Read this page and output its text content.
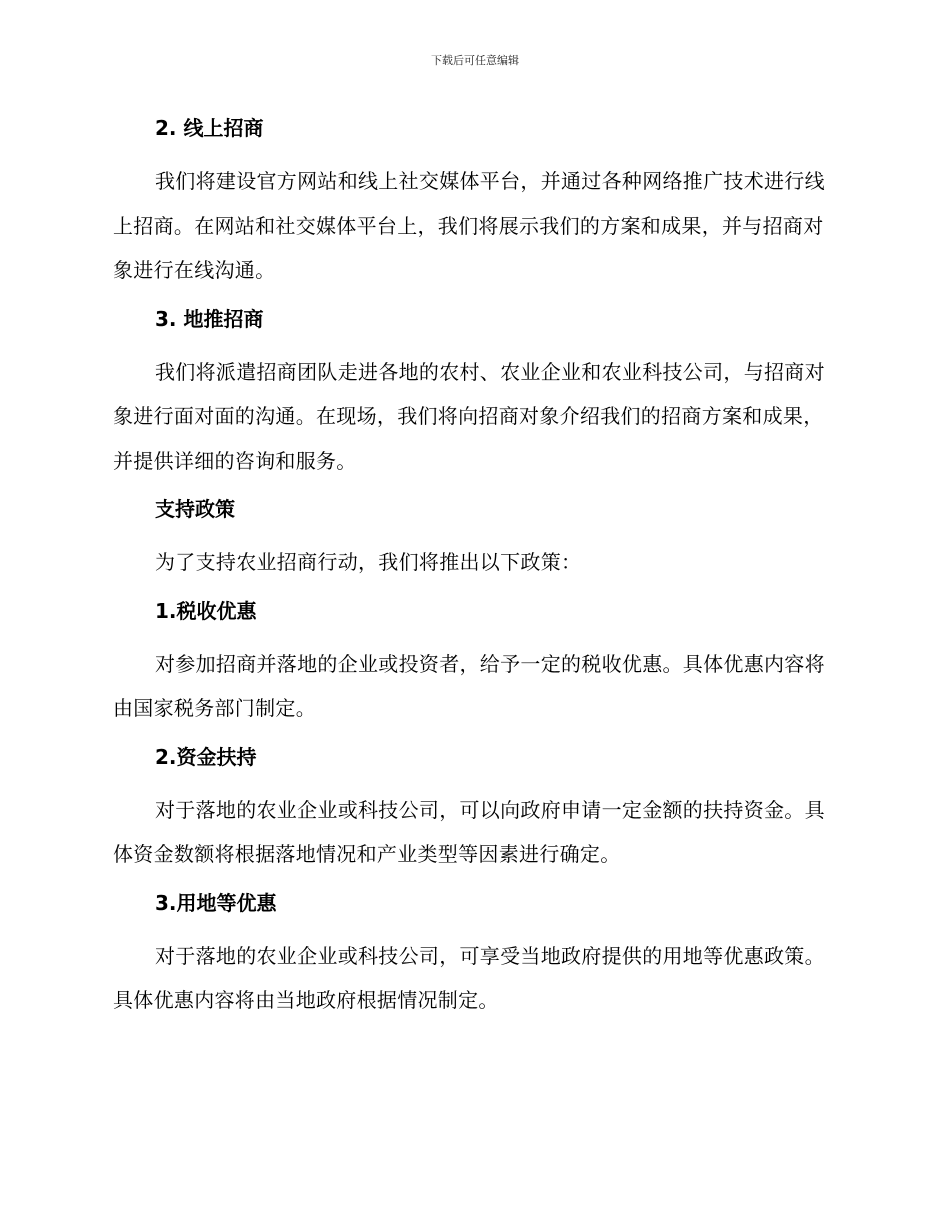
下载后可任意编辑
2. 线上招商

我们将建设官方网站和线上社交媒体平台，并通过各种网络推广技术进行线上招商。在网站和社交媒体平台上，我们将展示我们的方案和成果，并与招商对象进行在线沟通。

3. 地推招商

我们将派遣招商团队走进各地的农村、农业企业和农业科技公司，与招商对象进行面对面的沟通。在现场，我们将向招商对象介绍我们的招商方案和成果，并提供详细的咨询和服务。

支持政策

为了支持农业招商行动，我们将推出以下政策：

1.税收优惠

对参加招商并落地的企业或投资者，给予一定的税收优惠。具体优惠内容将由国家税务部门制定。

2.资金扶持

对于落地的农业企业或科技公司，可以向政府申请一定金额的扶持资金。具体资金数额将根据落地情况和产业类型等因素进行确定。

3.用地等优惠

对于落地的农业企业或科技公司，可享受当地政府提供的用地等优惠政策。具体优惠内容将由当地政府根据情况制定。
